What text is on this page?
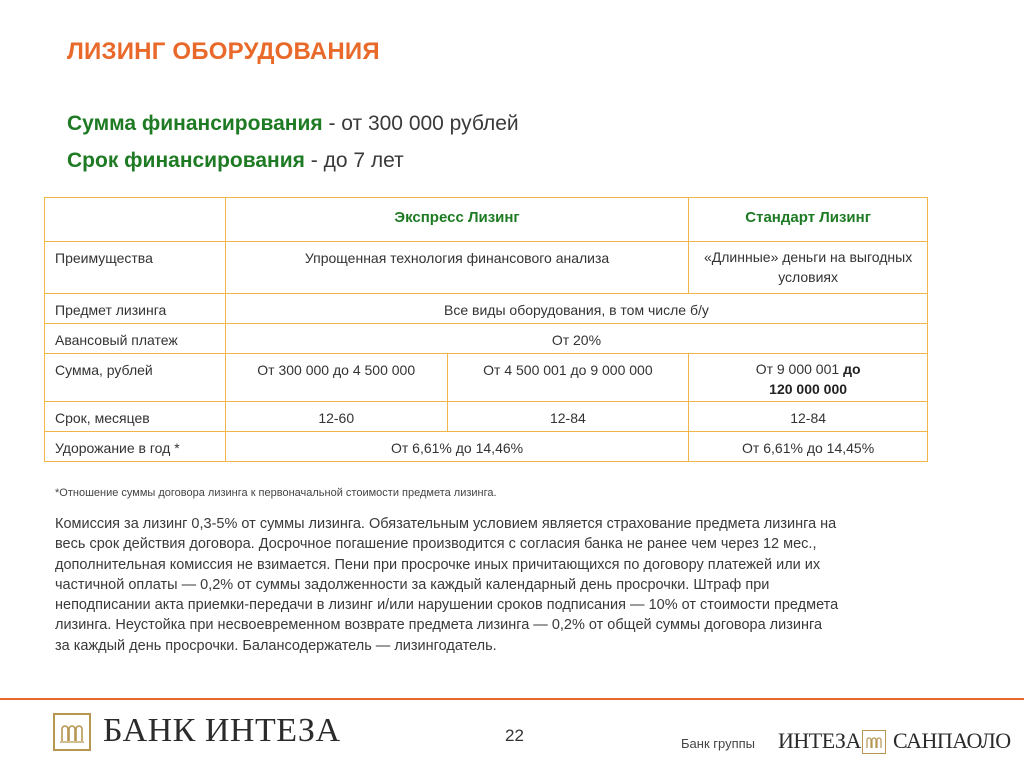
ЛИЗИНГ ОБОРУДОВАНИЯ
Сумма финансирования - от 300 000 рублей
Срок финансирования - до 7 лет
	Экспресс Лизинг		Стандарт Лизинг
Преимущества	Упрощенная технология финансового анализа		«Длинные» деньги на выгодных условиях
Предмет лизинга	Все виды оборудования, в том числе б/у		
Авансовый платеж	От 20%		
Сумма, рублей	От 300 000 до 4 500 000	От 4 500 001 до 9 000 000	От 9 000 001 до
120 000 000
Срок, месяцев	12-60	12-84	12-84
Удорожание в год *	От 6,61% до 14,46%		От 6,61% до 14,45%
*Отношение суммы договора лизинга к первоначальной стоимости предмета лизинга.
Комиссия за лизинг 0,3-5% от суммы лизинга. Обязательным условием является страхование предмета лизинга на
весь срок действия договора. Досрочное погашение производится с согласия банка не ранее чем через 12 мес.,
дополнительная комиссия не взимается. Пени при просрочке иных причитающихся по договору платежей или их
частичной оплаты — 0,2% от суммы задолженности за каждый календарный день просрочки. Штраф при
неподписании акта приемки-передачи в лизинг и/или нарушении сроков подписания — 10% от стоимости предмета
лизинга. Неустойка при несвоевременном возврате предмета лизинга — 0,2% от общей суммы договора лизинга
за каждый день просрочки. Балансодержатель — лизингодатель.
БАНК ИНТЕЗА	22	Банк группы ИНТЕЗА САНПАОЛО
